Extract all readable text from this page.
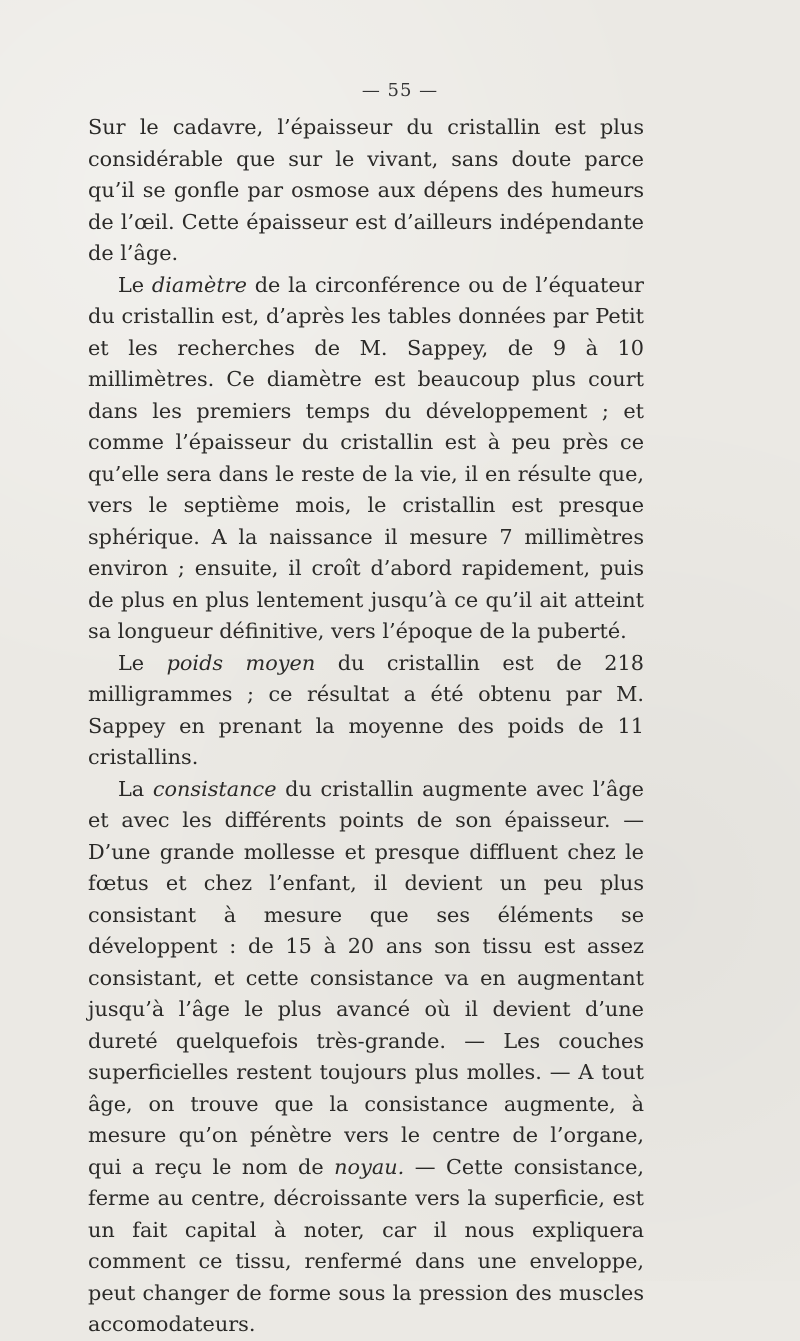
— 55 —

Sur le cadavre, l’épaisseur du cristallin est plus considérable que sur le vivant, sans doute parce qu’il se gonfle par osmose aux dépens des humeurs de l’œil. Cette épaisseur est d’ailleurs indépendante de l’âge.

Le diamètre de la circonférence ou de l’équateur du cristallin est, d’après les tables données par Petit et les recherches de M. Sappey, de 9 à 10 millimètres. Ce diamètre est beaucoup plus court dans les premiers temps du développement ; et comme l’épaisseur du cristallin est à peu près ce qu’elle sera dans le reste de la vie, il en résulte que, vers le septième mois, le cristallin est presque sphérique. A la naissance il mesure 7 millimètres environ ; ensuite, il croît d’abord rapidement, puis de plus en plus lentement jusqu’à ce qu’il ait atteint sa longueur définitive, vers l’époque de la puberté.

Le poids moyen du cristallin est de 218 milligrammes ; ce résultat a été obtenu par M. Sappey en prenant la moyenne des poids de 11 cristallins.

La consistance du cristallin augmente avec l’âge et avec les différents points de son épaisseur. — D’une grande mollesse et presque diffluent chez le fœtus et chez l’enfant, il devient un peu plus consistant à mesure que ses éléments se développent : de 15 à 20 ans son tissu est assez consistant, et cette consistance va en augmentant jusqu’à l’âge le plus avancé où il devient d’une dureté quelquefois très-grande. — Les couches superficielles restent toujours plus molles. — A tout âge, on trouve que la consistance augmente, à mesure qu’on pénètre vers le centre de l’organe, qui a reçu le nom de noyau. — Cette consistance, ferme au centre, décroissante vers la superficie, est un fait capital à noter, car il nous expliquera comment ce tissu, renfermé dans une enveloppe, peut changer de forme sous la pression des muscles accomodateurs.
